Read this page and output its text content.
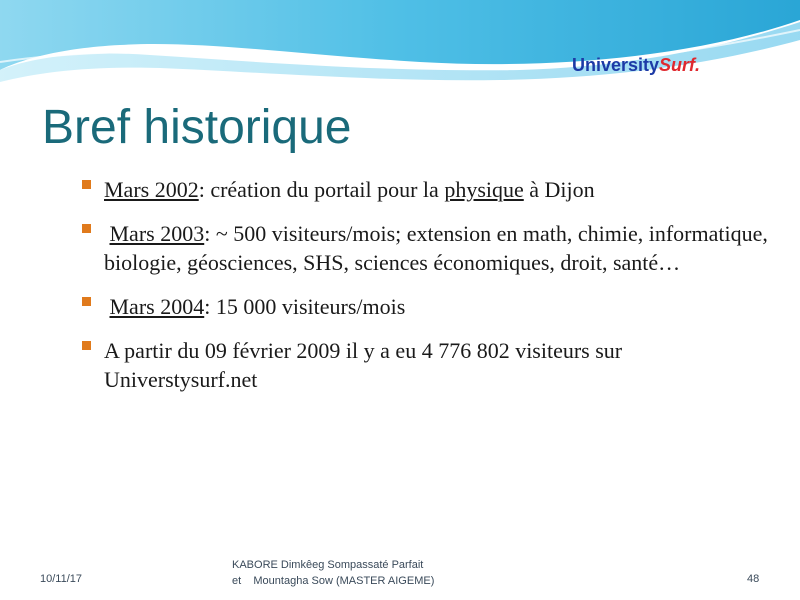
UniversitySurf.
Bref historique
Mars 2002: création du portail pour la physique à Dijon
Mars 2003: ~ 500 visiteurs/mois; extension en math, chimie, informatique, biologie, géosciences, SHS, sciences économiques, droit, santé…
Mars 2004: 15 000 visiteurs/mois
A partir du 09 février 2009 il y a eu 4 776 802 visiteurs sur Universtysurf.net
10/11/17
KABORE Dimkêeg Sompassaté Parfait
et    Mountagha Sow (MASTER AIGEME)	48
